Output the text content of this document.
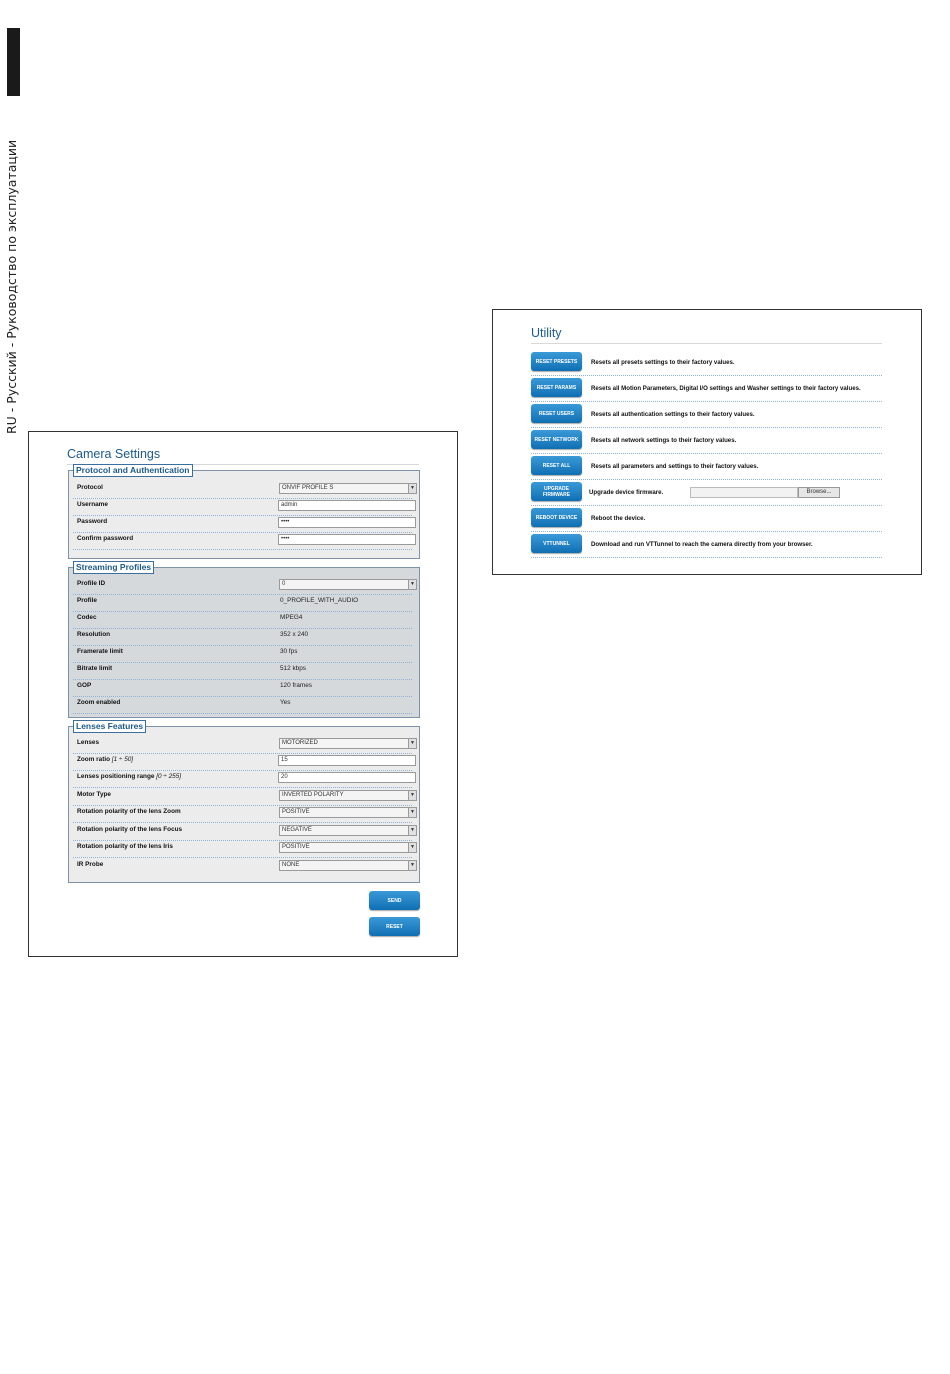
RU - Русский - Руководство по эксплуатации
Camera Settings
Protocol and Authentication
Protocol	ONVIF PROFILE S	▼
Username	admin
Password	••••
Confirm password	••••
Streaming Profiles
Profile ID	0	▼
Profile	0_PROFILE_WITH_AUDIO
Codec	MPEG4
Resolution	352 x 240
Framerate limit	30 fps
Bitrate limit	512 kbps
GOP	120 frames
Zoom enabled	Yes
Lenses Features
Lenses	MOTORIZED	▼
Zoom ratio [1 ÷ 50]	15
Lenses positioning range [0 ÷ 255]	20
Motor Type	INVERTED POLARITY	▼
Rotation polarity of the lens Zoom	POSITIVE	▼
Rotation polarity of the lens Focus	NEGATIVE	▼
Rotation polarity of the lens Iris	POSITIVE	▼
IR Probe	NONE	▼
SEND
RESET
Utility
RESET PRESETS	Resets all presets settings to their factory values.
RESET PARAMS	Resets all Motion Parameters, Digital I/O settings and Washer settings to their factory values.
RESET USERS	Resets all authentication settings to their factory values.
RESET NETWORK	Resets all network settings to their factory values.
RESET ALL	Resets all parameters and settings to their factory values.
UPGRADE FIRMWARE	Upgrade device firmware.	Browse...
REBOOT DEVICE	Reboot the device.
VTTUNNEL	Download and run VTTunnel to reach the camera directly from your browser.
